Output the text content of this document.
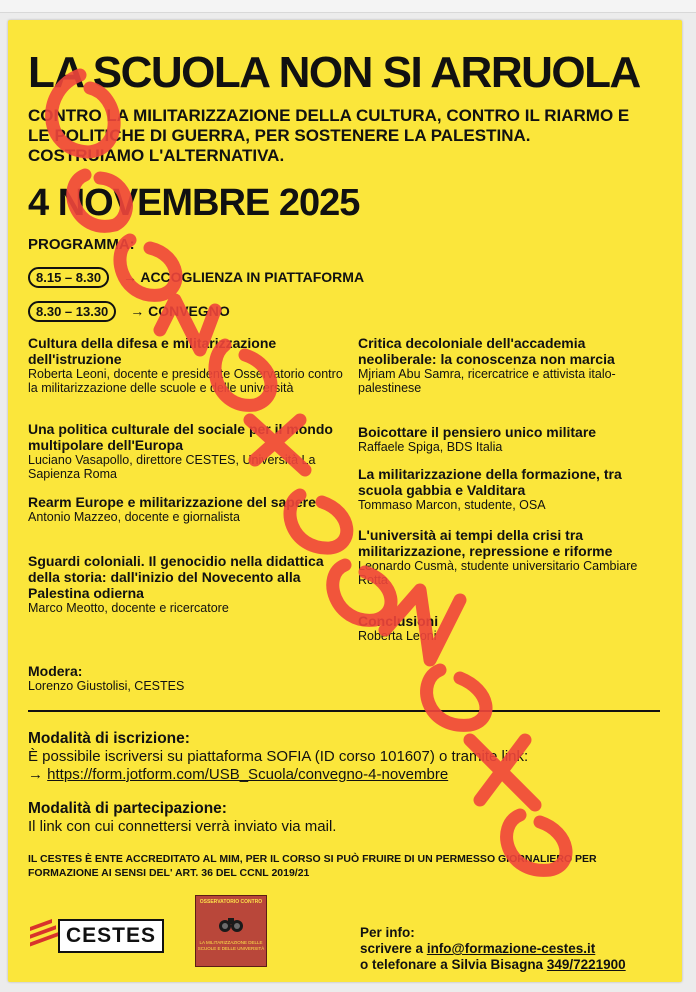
LA SCUOLA NON SI ARRUOLA
CONTRO LA MILITARIZZAZIONE DELLA CULTURA, CONTRO IL RIARMO E LE POLITICHE DI GUERRA, PER SOSTENERE LA PALESTINA. COSTRUIAMO L'ALTERNATIVA.
4 NOVEMBRE 2025
PROGRAMMA:
8.15 – 8.30 → ACCOGLIENZA IN PIATTAFORMA
8.30 – 13.30 → CONVEGNO
Cultura della difesa e militarizzazione dell'istruzione

Roberta Leoni, docente e presidente Osservatorio contro la militarizzazione delle scuole e delle università

Una politica culturale del sociale per il mondo multipolare dell'Europa

Luciano Vasapollo, direttore CESTES, Università La Sapienza Roma

Rearm Europe e militarizzazione del sapere

Antonio Mazzeo, docente e giornalista

Sguardi coloniali. Il genocidio nella didattica della storia: dall'inizio del Novecento alla Palestina odierna

Marco Meotto, docente e ricercatore

Critica decoloniale dell'accademia neoliberale: la conoscenza non marcia

Mjriam Abu Samra, ricercatrice e attivista italo-palestinese

Boicottare il pensiero unico militare

Raffaele Spiga, BDS Italia

La militarizzazione della formazione, tra scuola gabbia e Valditara

Tommaso Marcon, studente, OSA

L'università ai tempi della crisi tra militarizzazione, repressione e riforme

Leonardo Cusmà, studente universitario Cambiare Rotta

Conclusioni

Roberta Leoni

Modera:

Lorenzo Giustolisi, CESTES

Modalità di iscrizione:

È possibile iscriversi su piattaforma SOFIA (ID corso 101607) o tramite link:

→ https://form.jotform.com/USB_Scuola/convegno-4-novembre

Modalità di partecipazione:

Il link con cui connettersi verrà inviato via mail.

IL CESTES È ENTE ACCREDITATO AL MIM, PER IL CORSO SI PUÒ FRUIRE DI UN PERMESSO GIORNALIERO PER FORMAZIONE AI SENSI DEL' ART. 36 DEL CCNL 2019/21
CESTES
OSSERVATORIO CONTRO
LA MILITARIZZAZIONE DELLE SCUOLE E DELLE UNIVERSITÀ
Per info:
scrivere a info@formazione-cestes.it
o telefonare a Silvia Bisagna 349/7221900
